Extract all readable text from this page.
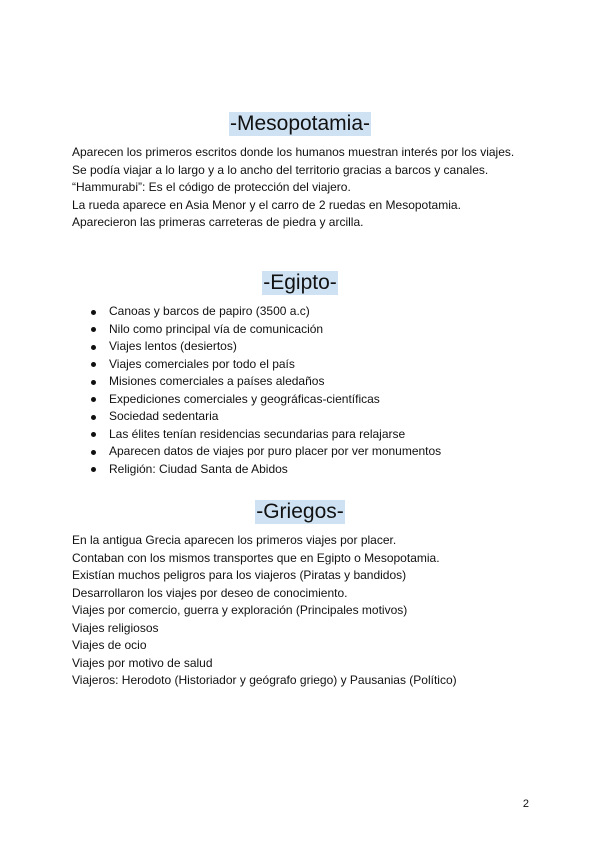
-Mesopotamia-

Aparecen los primeros escritos donde los humanos muestran interés por los viajes.

Se podía viajar a lo largo y a lo ancho del territorio gracias a barcos y canales.

“Hammurabi”: Es el código de protección del viajero.

La rueda aparece en Asia Menor y el carro de 2 ruedas en Mesopotamia.

Aparecieron las primeras carreteras de piedra y arcilla.

-Egipto-
Canoas y barcos de papiro (3500 a.c)
Nilo como principal vía de comunicación
Viajes lentos (desiertos)
Viajes comerciales por todo el país
Misiones comerciales a países aledaños
Expediciones comerciales y geográficas-científicas
Sociedad sedentaria
Las élites tenían residencias secundarias para relajarse
Aparecen datos de viajes por puro placer por ver monumentos
Religión: Ciudad Santa de Abidos
-Griegos-

En la antigua Grecia aparecen los primeros viajes por placer.

Contaban con los mismos transportes que en Egipto o Mesopotamia.

Existían muchos peligros para los viajeros (Piratas y bandidos)

Desarrollaron los viajes por deseo de conocimiento.

Viajes por comercio, guerra y exploración (Principales motivos)

Viajes religiosos

Viajes de ocio

Viajes por motivo de salud

Viajeros: Herodoto (Historiador y geógrafo griego) y Pausanias (Político)

2
